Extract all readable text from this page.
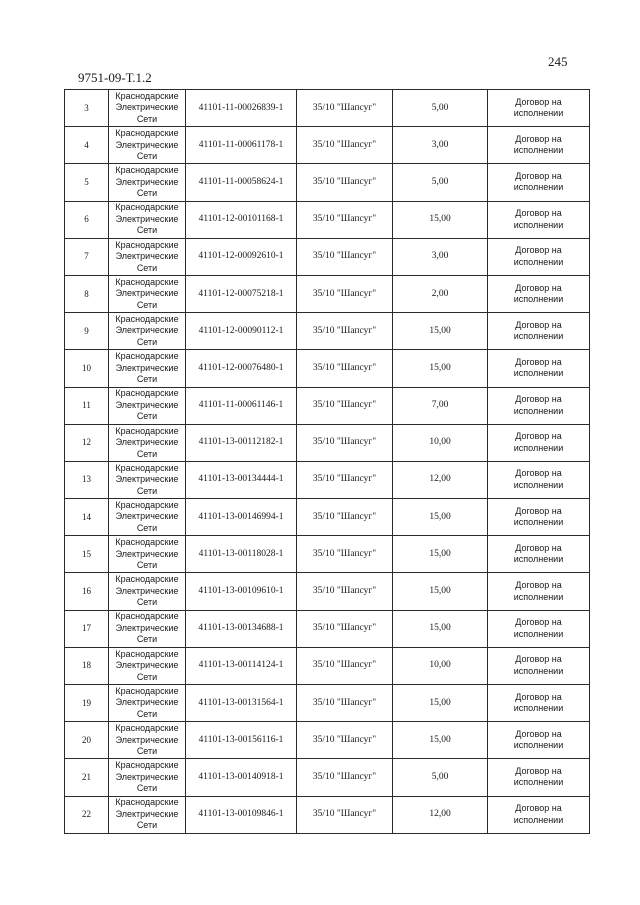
245
9751-09-Т.1.2
3	Краснодарские
Электрические
Сети	41101-11-00026839-1	35/10 "Шапсуг"	5,00	Договор на
исполнении

4	Краснодарские
Электрические
Сети	41101-11-00061178-1	35/10 "Шапсуг"	3,00	Договор на
исполнении

5	Краснодарские
Электрические
Сети	41101-11-00058624-1	35/10 "Шапсуг"	5,00	Договор на
исполнении

6	Краснодарские
Электрические
Сети	41101-12-00101168-1	35/10 "Шапсуг"	15,00	Договор на
исполнении

7	Краснодарские
Электрические
Сети	41101-12-00092610-1	35/10 "Шапсуг"	3,00	Договор на
исполнении

8	Краснодарские
Электрические
Сети	41101-12-00075218-1	35/10 "Шапсуг"	2,00	Договор на
исполнении

9	Краснодарские
Электрические
Сети	41101-12-00090112-1	35/10 "Шапсуг"	15,00	Договор на
исполнении

10	Краснодарские
Электрические
Сети	41101-12-00076480-1	35/10 "Шапсуг"	15,00	Договор на
исполнении

11	Краснодарские
Электрические
Сети	41101-11-00061146-1	35/10 "Шапсуг"	7,00	Договор на
исполнении

12	Краснодарские
Электрические
Сети	41101-13-00112182-1	35/10 "Шапсуг"	10,00	Договор на
исполнении

13	Краснодарские
Электрические
Сети	41101-13-00134444-1	35/10 "Шапсуг"	12,00	Договор на
исполнении

14	Краснодарские
Электрические
Сети	41101-13-00146994-1	35/10 "Шапсуг"	15,00	Договор на
исполнении

15	Краснодарские
Электрические
Сети	41101-13-00118028-1	35/10 "Шапсуг"	15,00	Договор на
исполнении

16	Краснодарские
Электрические
Сети	41101-13-00109610-1	35/10 "Шапсуг"	15,00	Договор на
исполнении

17	Краснодарские
Электрические
Сети	41101-13-00134688-1	35/10 "Шапсуг"	15,00	Договор на
исполнении

18	Краснодарские
Электрические
Сети	41101-13-00114124-1	35/10 "Шапсуг"	10,00	Договор на
исполнении

19	Краснодарские
Электрические
Сети	41101-13-00131564-1	35/10 "Шапсуг"	15,00	Договор на
исполнении

20	Краснодарские
Электрические
Сети	41101-13-00156116-1	35/10 "Шапсуг"	15,00	Договор на
исполнении

21	Краснодарские
Электрические
Сети	41101-13-00140918-1	35/10 "Шапсуг"	5,00	Договор на
исполнении

22	Краснодарские
Электрические
Сети	41101-13-00109846-1	35/10 "Шапсуг"	12,00	Договор на
исполнении
